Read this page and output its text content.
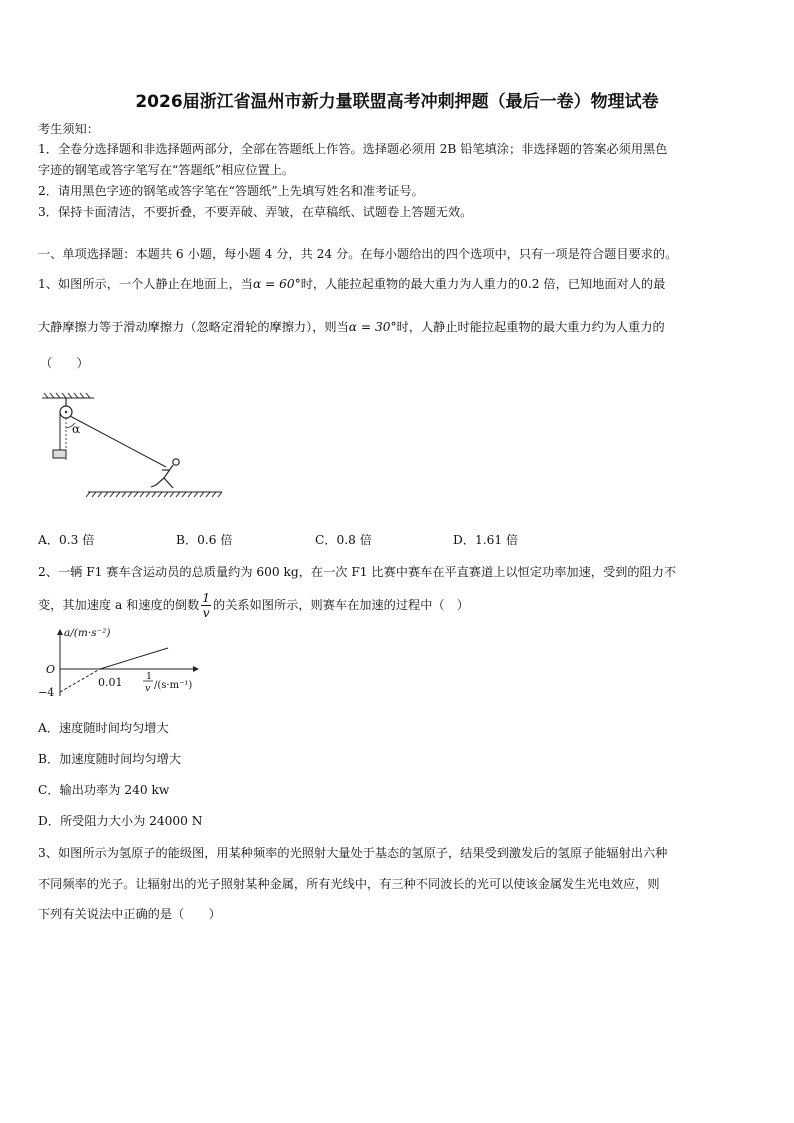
2026届浙江省温州市新力量联盟高考冲刺押题（最后一卷）物理试卷
考生须知：
1．全卷分选择题和非选择题两部分，全部在答题纸上作答。选择题必须用 2B 铅笔填涂；非选择题的答案必须用黑色
字迹的钢笔或答字笔写在“答题纸”相应位置上。
2．请用黑色字迹的钢笔或答字笔在“答题纸”上先填写姓名和准考证号。
3．保持卡面清洁，不要折叠，不要弄破、弄皱，在草稿纸、试题卷上答题无效。
一、单项选择题：本题共 6 小题，每小题 4 分，共 24 分。在每小题给出的四个选项中，只有一项是符合题目要求的。
1、如图所示，一个人静止在地面上，当α = 60°时，人能拉起重物的最大重力为人重力的0.2 倍，已知地面对人的最
大静摩擦力等于滑动摩擦力（忽略定滑轮的摩擦力），则当α = 30°时，人静止时能拉起重物的最大重力约为人重力的
（　　）
α
A．0.3 倍	B．0.6 倍	C．0.8 倍	D．1.61 倍
2、一辆 F1 赛车含运动员的总质量约为 600 kg，在一次 F1 比赛中赛车在平直赛道上以恒定功率加速，受到的阻力不
变，其加速度 a 和速度的倒数 $\frac{1}{v}$ 的关系如图所示，则赛车在加速的过程中（　）
a/(m·s⁻²)
O
−4
0.01 1
v /(s·m⁻¹)
A．速度随时间均匀增大
B．加速度随时间均匀增大
C．输出功率为 240 kw
D．所受阻力大小为 24000 N
3、如图所示为氢原子的能级图，用某种频率的光照射大量处于基态的氢原子，结果受到激发后的氢原子能辐射出六种
不同频率的光子。让辐射出的光子照射某种金属，所有光线中，有三种不同波长的光可以使该金属发生光电效应，则
下列有关说法中正确的是（　　）
